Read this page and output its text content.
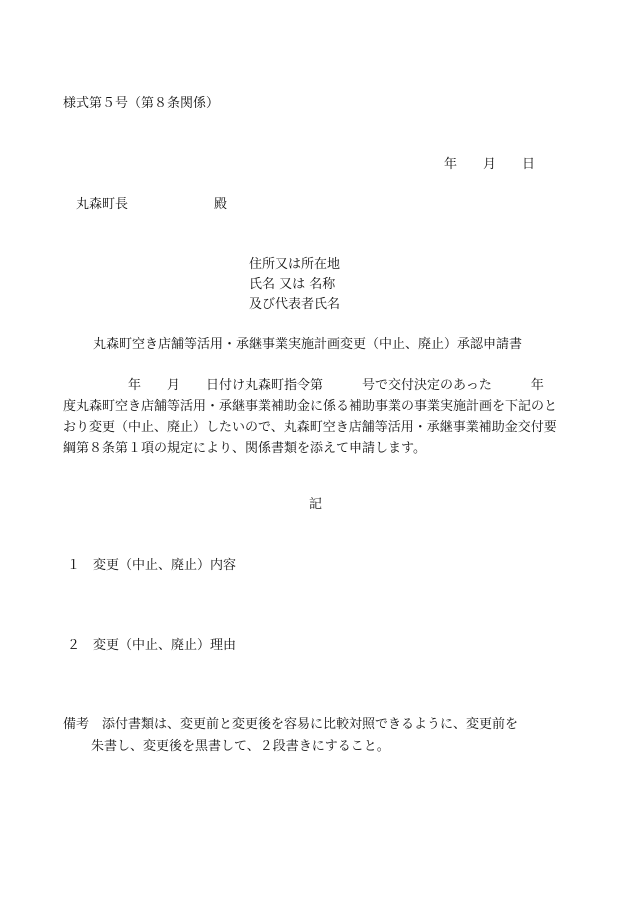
様式第５号（第８条関係）
年　　月　　日
丸森町長	殿
住所又は所在地
氏名 又は 名称
及び代表者氏名
丸森町空き店舗等活用・承継事業実施計画変更（中止、廃止）承認申請書
　　　　　年　　月　　日付け丸森町指令第　　　号で交付決定のあった　　　年
度丸森町空き店舗等活用・承継事業補助金に係る補助事業の事業実施計画を下記のと
おり変更（中止、廃止）したいので、丸森町空き店舗等活用・承継事業補助金交付要
綱第８条第１項の規定により、関係書類を添えて申請します。
記
１　変更（中止、廃止）内容
２　変更（中止、廃止）理由
備考　添付書類は、変更前と変更後を容易に比較対照できるように、変更前を
朱書し、変更後を黒書して、２段書きにすること。
